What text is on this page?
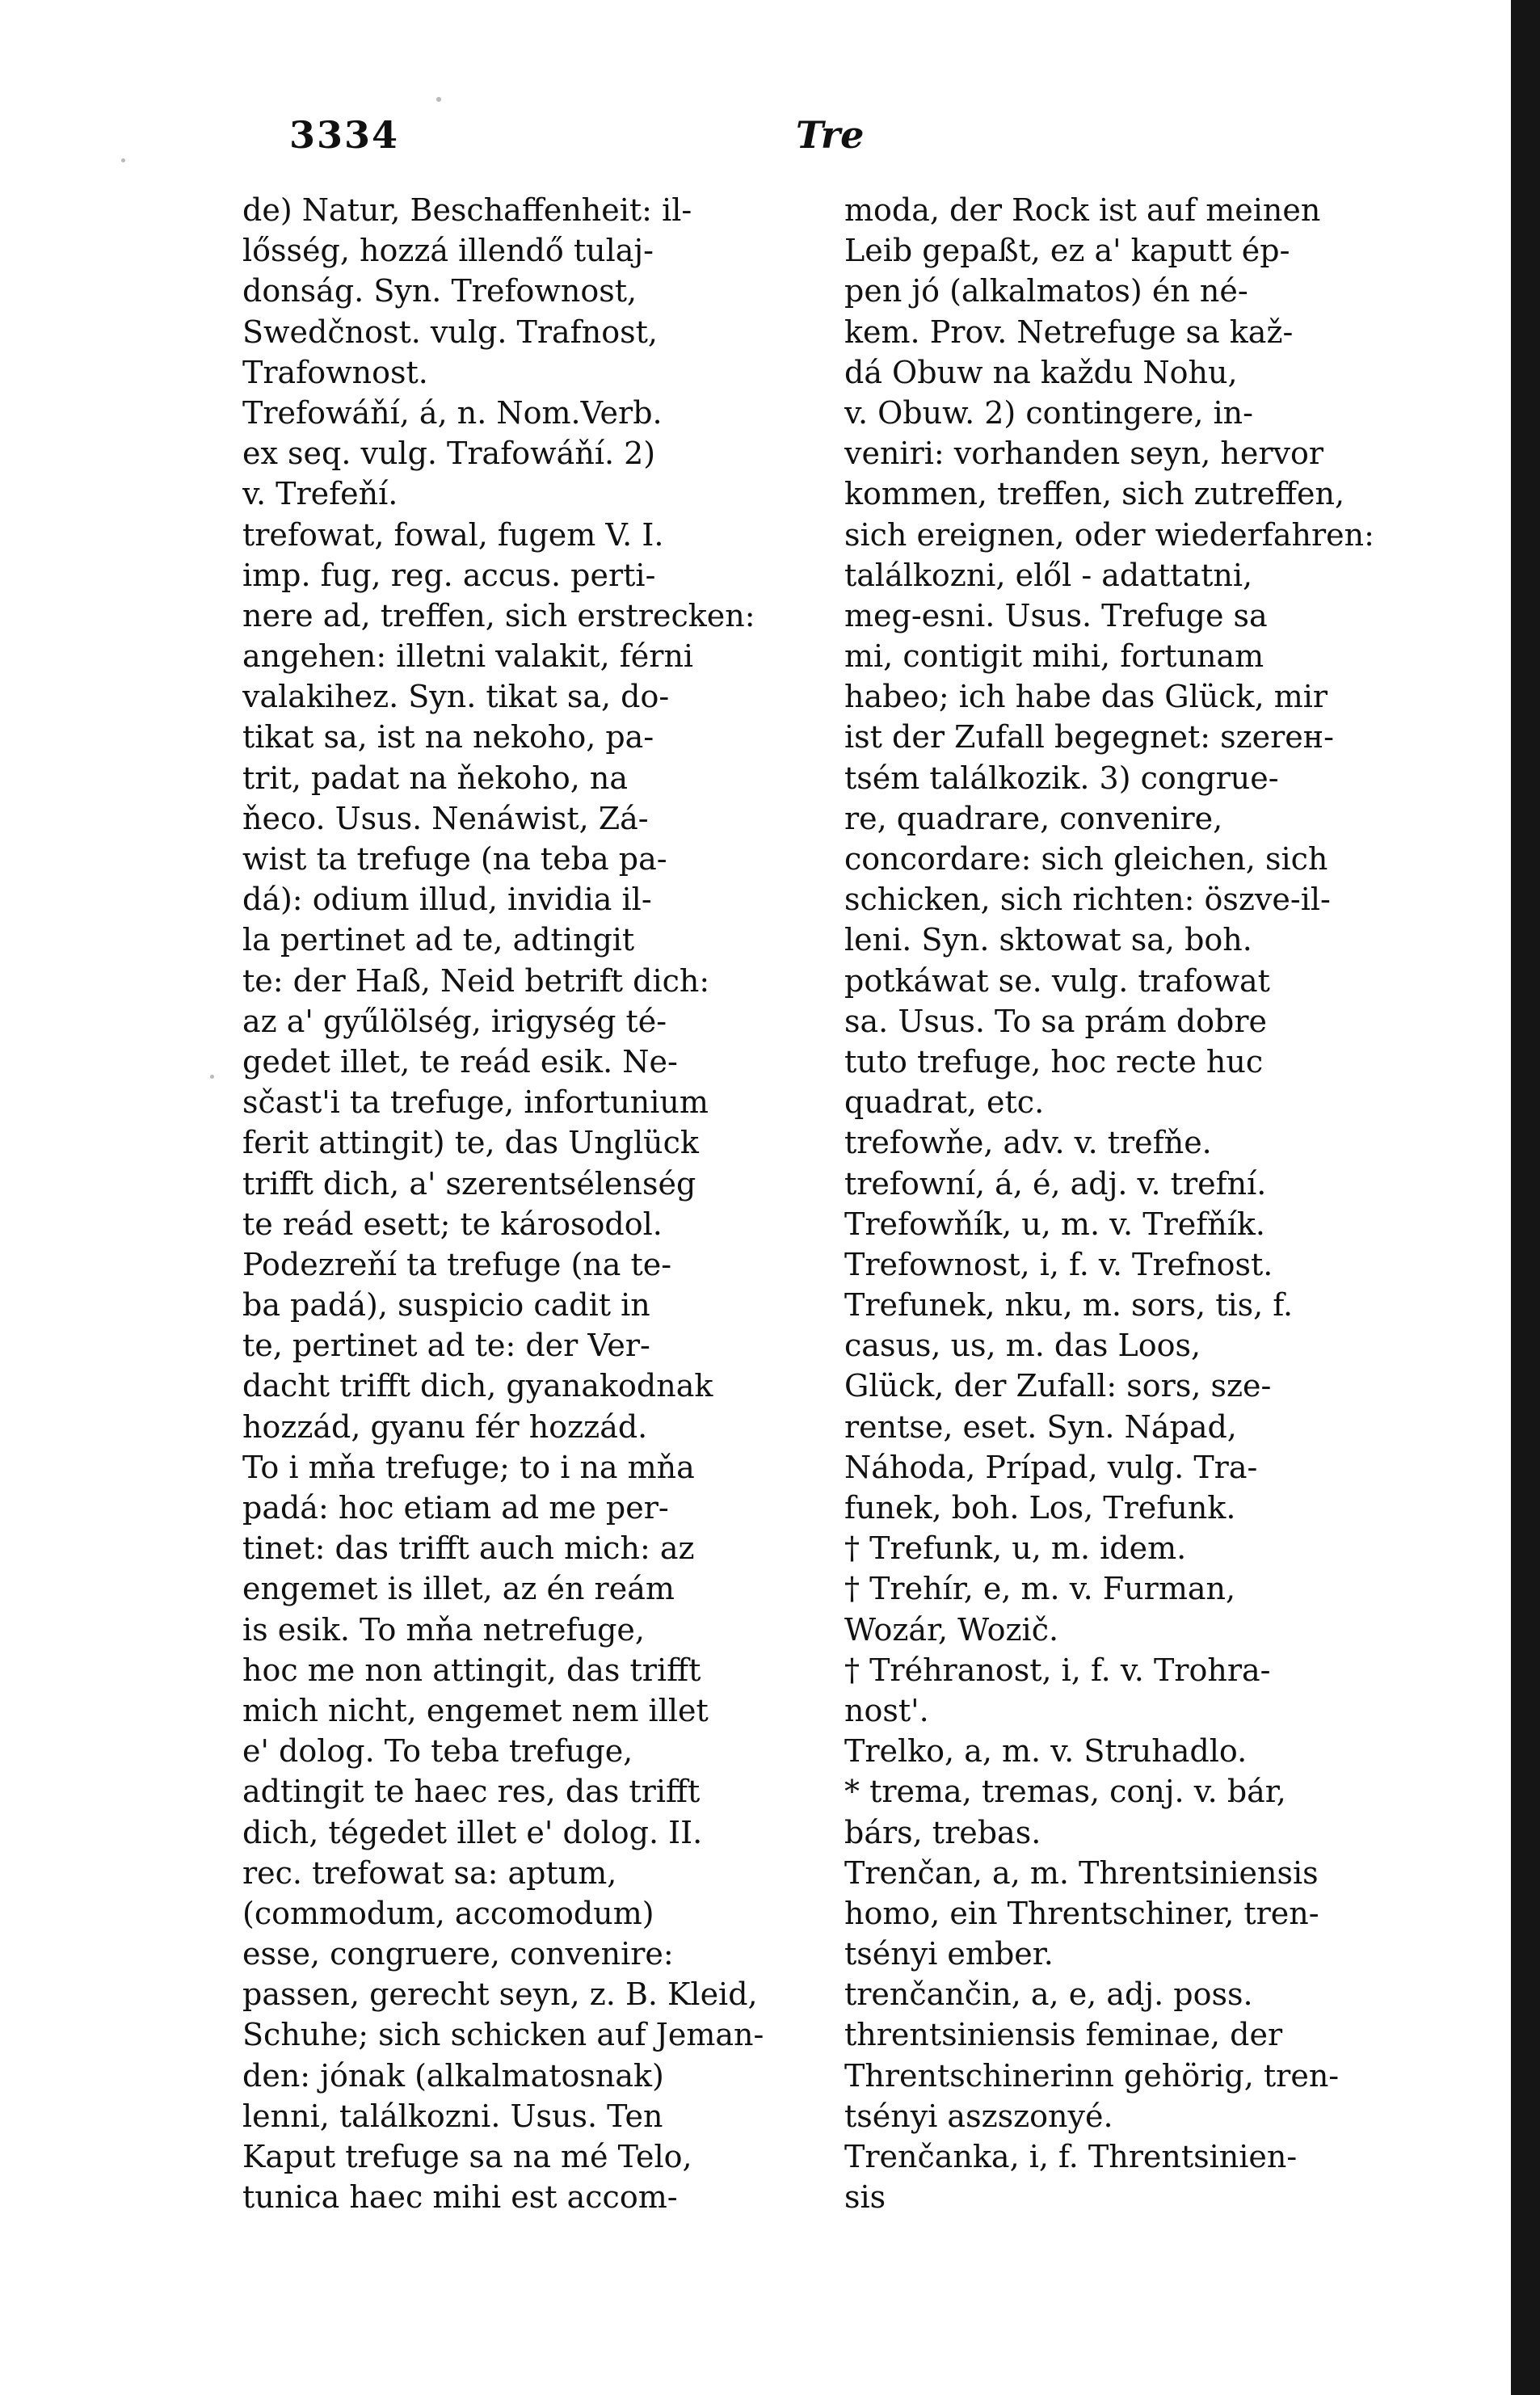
3334	Tre
de) Natur, Beschaffenheit: il-
lősség, hozzá illendő tulaj-
donság. Syn. Trefownost,
Swedčnost. vulg. Trafnost,
Trafownost.
Trefowáňí, á, n. Nom.Verb.
ex seq. vulg. Trafowáňí. 2)
v. Trefeňí.
trefowat, fowal, fugem V. I.
imp. fug, reg. accus. perti-
nere ad, treffen, sich erstrecken:
angehen: illetni valakit, férni
valakihez. Syn. tikat sa, do-
tikat sa, ist na nekoho, pa-
trit, padat na ňekoho, na
ňeco. Usus. Nenáwist, Zá-
wist ta trefuge (na teba pa-
dá): odium illud, invidia il-
la pertinet ad te, adtingit
te: der Haß, Neid betrift dich:
az a' gyűlölség, irigység té-
gedet illet, te reád esik. Ne-
sčast'i ta trefuge, infortunium
ferit attingit) te, das Unglück
trifft dich, a' szerentsélenség
te reád esett; te károsodol.
Podezreňí ta trefuge (na te-
ba padá), suspicio cadit in
te, pertinet ad te: der Ver-
dacht trifft dich, gyanakodnak
hozzád, gyanu fér hozzád.
To i mňa trefuge; to i na mňa
padá: hoc etiam ad me per-
tinet: das trifft auch mich: az
engemet is illet, az én reám
is esik. To mňa netrefuge,
hoc me non attingit, das trifft
mich nicht, engemet nem illet
e' dolog. To teba trefuge,
adtingit te haec res, das trifft
dich, tégedet illet e' dolog. II.
rec. trefowat sa: aptum,
(commodum, accomodum)
esse, congruere, convenire:
passen, gerecht seyn, z. B. Kleid,
Schuhe; sich schicken auf Jeman-
den: jónak (alkalmatosnak)
lenni, találkozni. Usus. Ten
Kaput trefuge sa na mé Telo,
tunica haec mihi est accom-
moda, der Rock ist auf meinen
Leib gepaßt, ez a' kaputt ép-
pen jó (alkalmatos) én né-
kem. Prov. Netrefuge sa kaž-
dá Obuw na každu Nohu,
v. Obuw. 2) contingere, in-
veniri: vorhanden seyn, hervor
kommen, treffen, sich zutreffen,
sich ereignen, oder wiederfahren:
találkozni, elől - adattatni,
meg-esni. Usus. Trefuge sa
mi, contigit mihi, fortunam
habeo; ich habe das Glück, mir
ist der Zufall begegnet: szerен-
tsém találkozik. 3) congrue-
re, quadrare, convenire,
concordare: sich gleichen, sich
schicken, sich richten: öszve-il-
leni. Syn. sktowat sa, boh.
potkáwat se. vulg. trafowat
sa. Usus. To sa prám dobre
tuto trefuge, hoc recte huc
quadrat, etc.
trefowňe, adv. v. trefňe.
trefowní, á, é, adj. v. trefní.
Trefowňík, u, m. v. Trefňík.
Trefownost, i, f. v. Trefnost.
Trefunek, nku, m. sors, tis, f.
casus, us, m. das Loos,
Glück, der Zufall: sors, sze-
rentse, eset. Syn. Nápad,
Náhoda, Prípad, vulg. Tra-
funek, boh. Los, Trefunk.
† Trefunk, u, m. idem.
† Trehír, e, m. v. Furman,
Wozár, Wozič.
† Tréhranost, i, f. v. Trohra-
nost'.
Trelko, a, m. v. Struhadlo.
* trema, tremas, conj. v. bár,
bárs, trebas.
Trenčan, a, m. Threntsiniensis
homo, ein Threntschiner, tren-
tsényi ember.
trenčančin, a, e, adj. poss.
threntsiniensis feminae, der
Threntschinerinn gehörig, tren-
tsényi aszszonyé.
Trenčanka, i, f. Threntsinien-
sis
